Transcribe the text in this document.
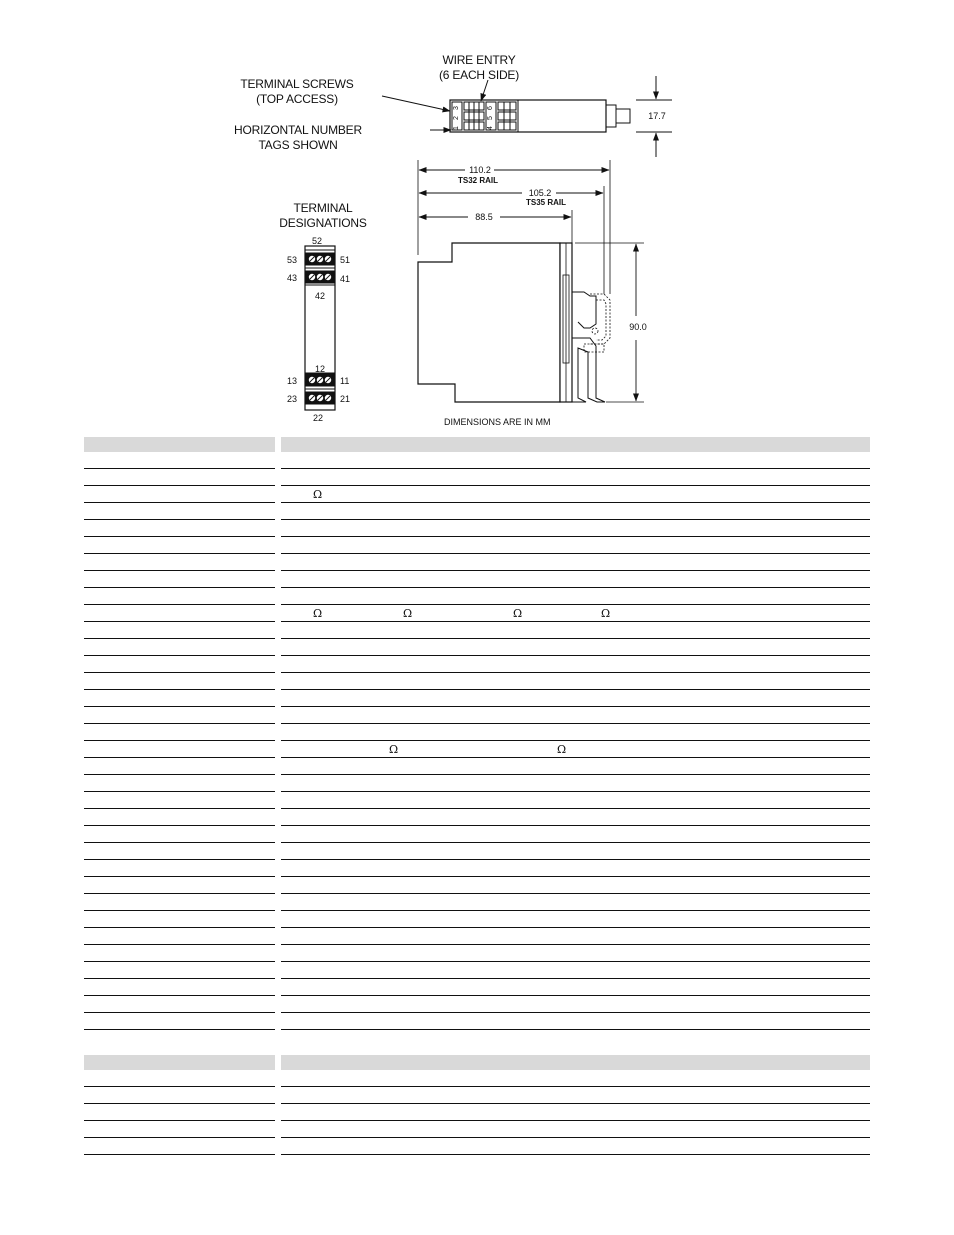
TERMINAL SCREWS
(TOP ACCESS)
WIRE ENTRY
(6 EACH SIDE)
HORIZONTAL NUMBER
TAGS SHOWN
TERMINAL
DESIGNATIONS
DIMENSIONS ARE IN MM
1
2
3
4
5
6
17.7
110.2
TS32 RAIL
105.2
TS35 RAIL
88.5
90.0
52
53	51
43	41
42
12
13	11
23	21
22
Ω
Ω	Ω	Ω	Ω
Ω	Ω
